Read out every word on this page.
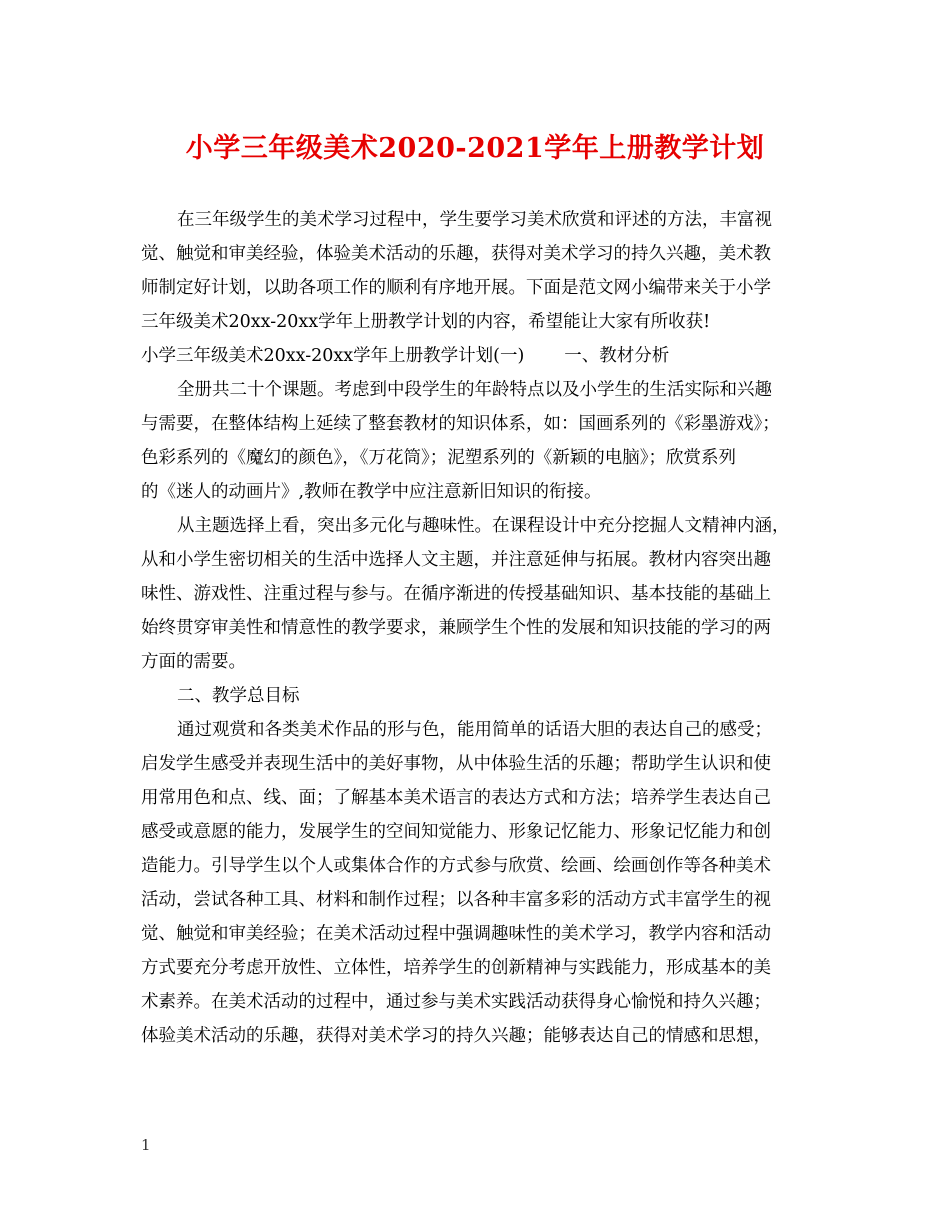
小学三年级美术2020-2021学年上册教学计划
在三年级学生的美术学习过程中，学生要学习美术欣赏和评述的方法，丰富视
觉、触觉和审美经验，体验美术活动的乐趣，获得对美术学习的持久兴趣，美术教
师制定好计划，以助各项工作的顺利有序地开展。下面是范文网小编带来关于小学
三年级美术20xx-20xx学年上册教学计划的内容，希望能让大家有所收获!
小学三年级美术20xx-20xx学年上册教学计划(一) 一、教材分析
全册共二十个课题。考虑到中段学生的年龄特点以及小学生的生活实际和兴趣
与需要，在整体结构上延续了整套教材的知识体系，如：国画系列的《彩墨游戏》；
色彩系列的《魔幻的颜色》，《万花筒》；泥塑系列的《新颖的电脑》；欣赏系列
的《迷人的动画片》,教师在教学中应注意新旧知识的衔接。
从主题选择上看，突出多元化与趣味性。在课程设计中充分挖掘人文精神内涵，
从和小学生密切相关的生活中选择人文主题，并注意延伸与拓展。教材内容突出趣
味性、游戏性、注重过程与参与。在循序渐进的传授基础知识、基本技能的基础上
始终贯穿审美性和情意性的教学要求，兼顾学生个性的发展和知识技能的学习的两
方面的需要。
二、教学总目标
通过观赏和各类美术作品的形与色，能用简单的话语大胆的表达自己的感受；
启发学生感受并表现生活中的美好事物，从中体验生活的乐趣；帮助学生认识和使
用常用色和点、线、面；了解基本美术语言的表达方式和方法；培养学生表达自己
感受或意愿的能力，发展学生的空间知觉能力、形象记忆能力、形象记忆能力和创
造能力。引导学生以个人或集体合作的方式参与欣赏、绘画、绘画创作等各种美术
活动，尝试各种工具、材料和制作过程；以各种丰富多彩的活动方式丰富学生的视
觉、触觉和审美经验；在美术活动过程中强调趣味性的美术学习，教学内容和活动
方式要充分考虑开放性、立体性，培养学生的创新精神与实践能力，形成基本的美
术素养。在美术活动的过程中，通过参与美术实践活动获得身心愉悦和持久兴趣；
体验美术活动的乐趣，获得对美术学习的持久兴趣；能够表达自己的情感和思想，
1
